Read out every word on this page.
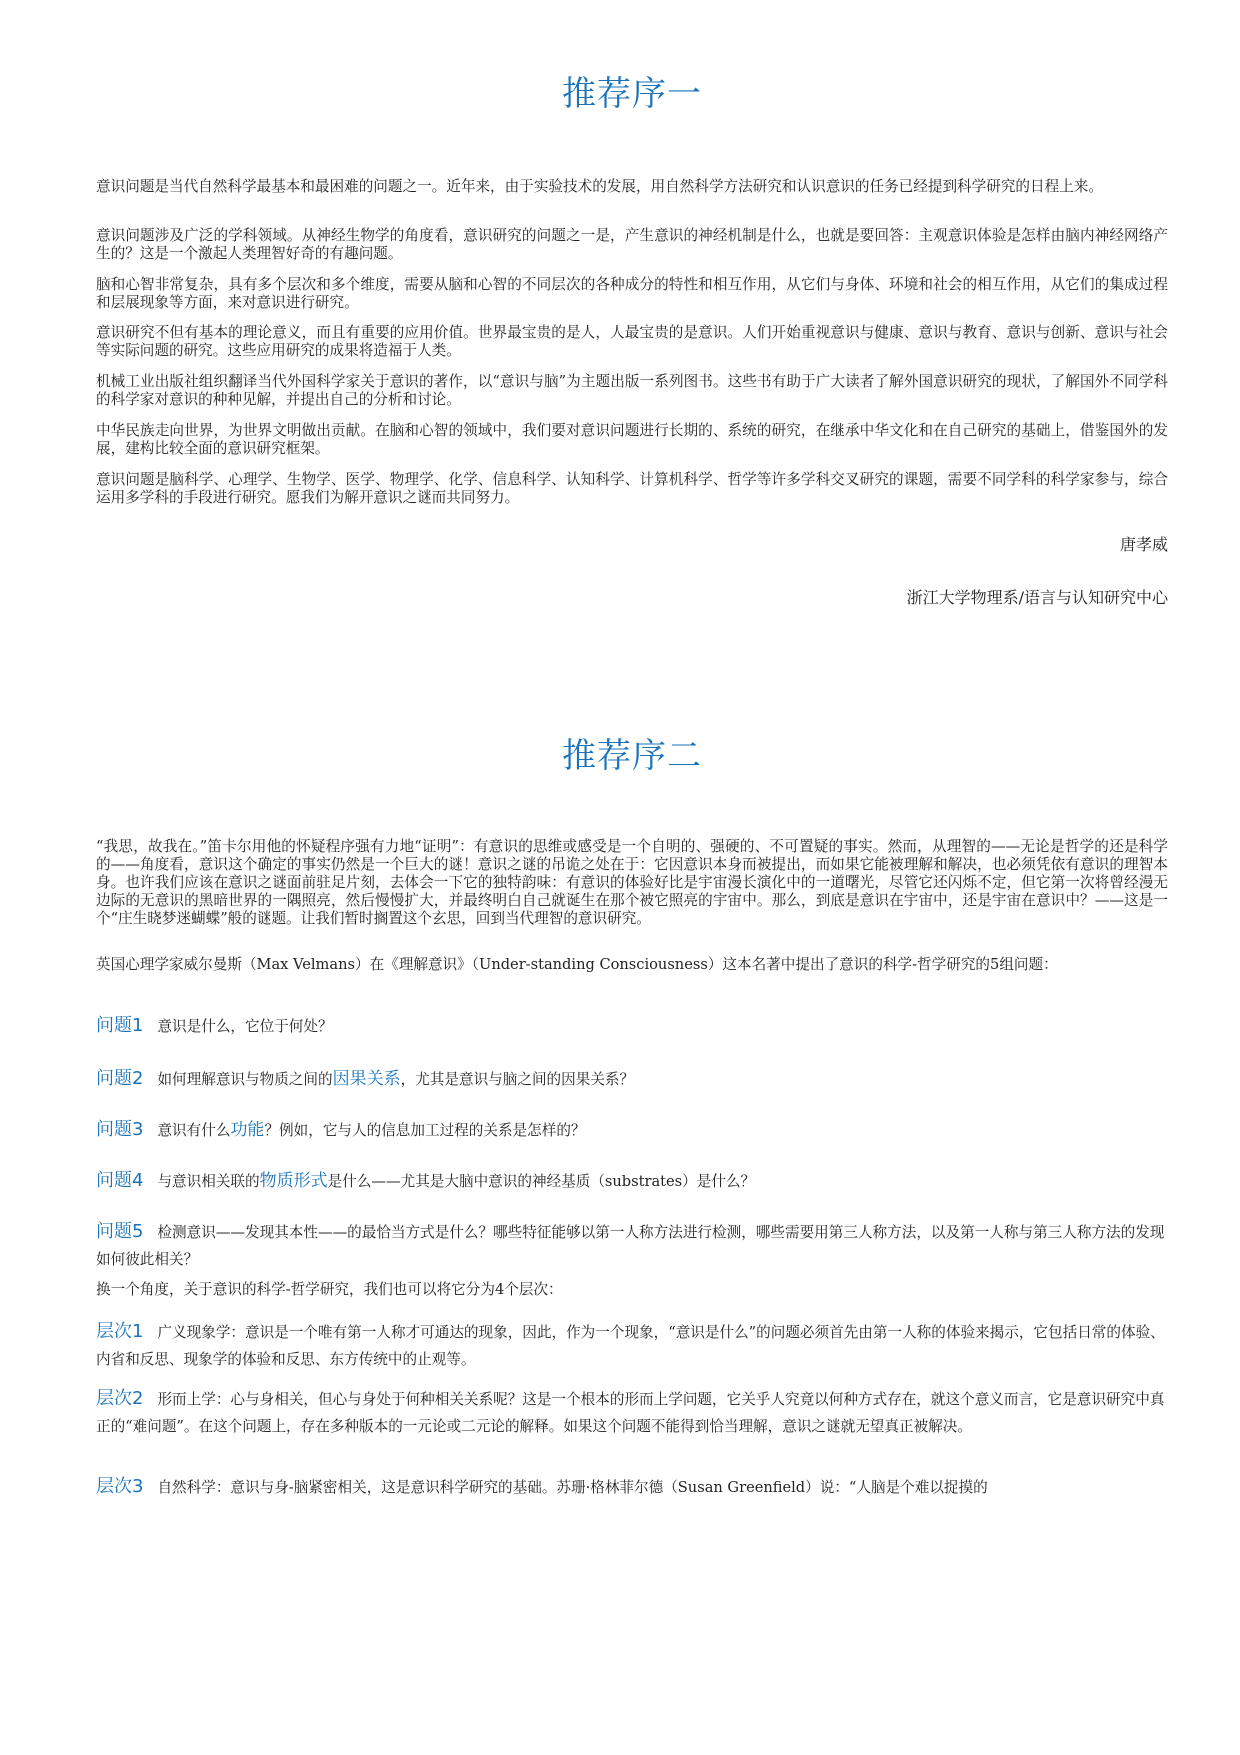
推荐序一

意识问题是当代自然科学最基本和最困难的问题之一。近年来，由于实验技术的发展，用自然科学方法研究和认识意识的任务已经提到科学研究的日程上来。

意识问题涉及广泛的学科领域。从神经生物学的角度看，意识研究的问题之一是，产生意识的神经机制是什么，也就是要回答：主观意识体验是怎样由脑内神经网络产生的？这是一个激起人类理智好奇的有趣问题。

脑和心智非常复杂，具有多个层次和多个维度，需要从脑和心智的不同层次的各种成分的特性和相互作用，从它们与身体、环境和社会的相互作用，从它们的集成过程和层展现象等方面，来对意识进行研究。

意识研究不但有基本的理论意义，而且有重要的应用价值。世界最宝贵的是人，人最宝贵的是意识。人们开始重视意识与健康、意识与教育、意识与创新、意识与社会等实际问题的研究。这些应用研究的成果将造福于人类。

机械工业出版社组织翻译当代外国科学家关于意识的著作，以“意识与脑”为主题出版一系列图书。这些书有助于广大读者了解外国意识研究的现状，了解国外不同学科的科学家对意识的种种见解，并提出自己的分析和讨论。

中华民族走向世界，为世界文明做出贡献。在脑和心智的领域中，我们要对意识问题进行长期的、系统的研究，在继承中华文化和在自己研究的基础上，借鉴国外的发展，建构比较全面的意识研究框架。

意识问题是脑科学、心理学、生物学、医学、物理学、化学、信息科学、认知科学、计算机科学、哲学等许多学科交叉研究的课题，需要不同学科的科学家参与，综合运用多学科的手段进行研究。愿我们为解开意识之谜而共同努力。

唐孝威
浙江大学物理系/语言与认知研究中心
推荐序二

“我思，故我在。”笛卡尔用他的怀疑程序强有力地“证明”：有意识的思维或感受是一个自明的、强硬的、不可置疑的事实。然而，从理智的——无论是哲学的还是科学的——角度看，意识这个确定的事实仍然是一个巨大的谜！意识之谜的吊诡之处在于：它因意识本身而被提出，而如果它能被理解和解决，也必须凭依有意识的理智本身。也许我们应该在意识之谜面前驻足片刻，去体会一下它的独特韵味：有意识的体验好比是宇宙漫长演化中的一道曙光，尽管它还闪烁不定，但它第一次将曾经漫无边际的无意识的黑暗世界的一隅照亮，然后慢慢扩大，并最终明白自己就诞生在那个被它照亮的宇宙中。那么，到底是意识在宇宙中，还是宇宙在意识中？——这是一个“庄生晓梦迷蝴蝶”般的谜题。让我们暂时搁置这个玄思，回到当代理智的意识研究。

英国心理学家威尔曼斯（Max Velmans）在《理解意识》（Under-standing Consciousness）这本名著中提出了意识的科学-哲学研究的5组问题：

问题1 意识是什么，它位于何处？

问题2 如何理解意识与物质之间的因果关系，尤其是意识与脑之间的因果关系？

问题3 意识有什么功能？例如，它与人的信息加工过程的关系是怎样的？

问题4 与意识相关联的物质形式是什么——尤其是大脑中意识的神经基质（substrates）是什么？

问题5 检测意识——发现其本性——的最恰当方式是什么？哪些特征能够以第一人称方法进行检测，哪些需要用第三人称方法，以及第一人称与第三人称方法的发现如何彼此相关？

换一个角度，关于意识的科学-哲学研究，我们也可以将它分为4个层次：

层次1 广义现象学：意识是一个唯有第一人称才可通达的现象，因此，作为一个现象，“意识是什么”的问题必须首先由第一人称的体验来揭示，它包括日常的体验、内省和反思、现象学的体验和反思、东方传统中的止观等。

层次2 形而上学：心与身相关，但心与身处于何种相关关系呢？这是一个根本的形而上学问题，它关乎人究竟以何种方式存在，就这个意义而言，它是意识研究中真正的“难问题”。在这个问题上，存在多种版本的一元论或二元论的解释。如果这个问题不能得到恰当理解，意识之谜就无望真正被解决。

层次3 自然科学：意识与身-脑紧密相关，这是意识科学研究的基础。苏珊·格林菲尔德（Susan Greenfield）说：“人脑是个难以捉摸的
